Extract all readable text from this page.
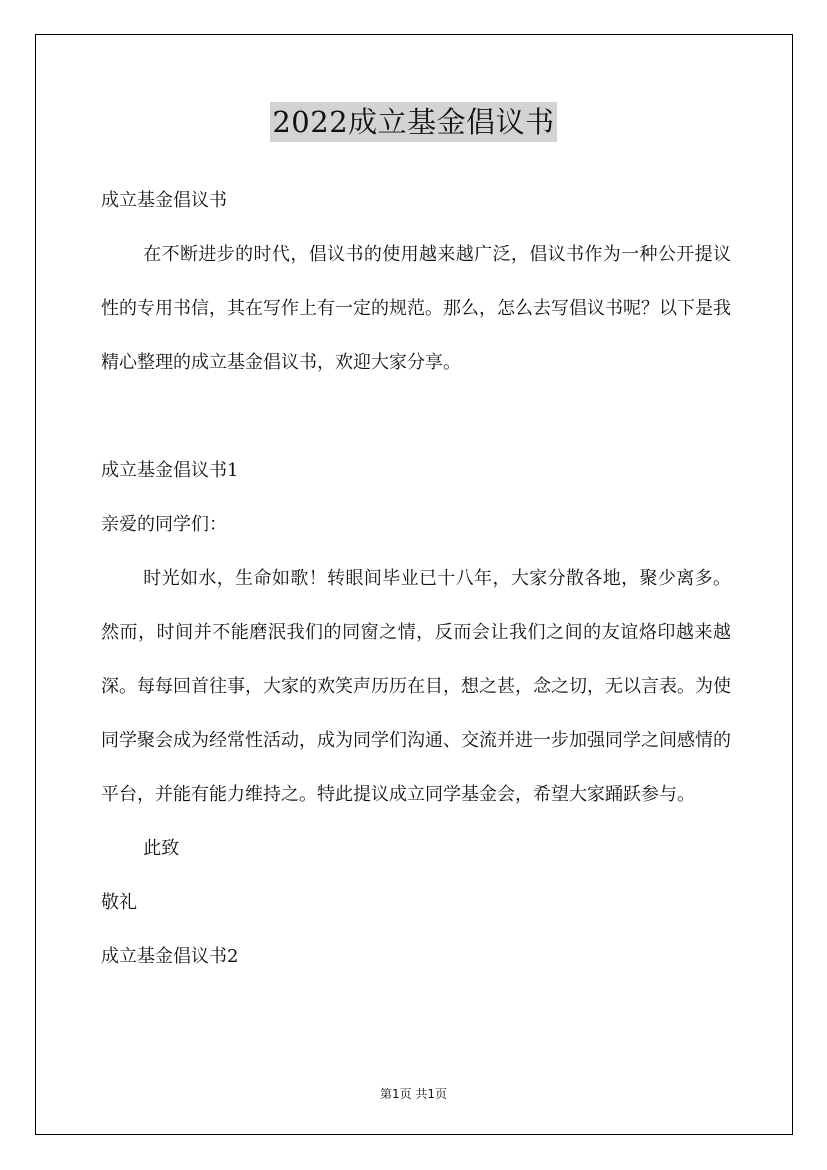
2022成立基金倡议书

成立基金倡议书

在不断进步的时代，倡议书的使用越来越广泛，倡议书作为一种公开提议性的专用书信，其在写作上有一定的规范。那么，怎么去写倡议书呢？以下是我精心整理的成立基金倡议书，欢迎大家分享。

成立基金倡议书1

亲爱的同学们：

时光如水，生命如歌！转眼间毕业已十八年，大家分散各地，聚少离多。然而，时间并不能磨泯我们的同窗之情，反而会让我们之间的友谊烙印越来越深。每每回首往事，大家的欢笑声历历在目，想之甚，念之切，无以言表。为使同学聚会成为经常性活动，成为同学们沟通、交流并进一步加强同学之间感情的平台，并能有能力维持之。特此提议成立同学基金会，希望大家踊跃参与。

此致

敬礼

成立基金倡议书2

第1页 共1页
